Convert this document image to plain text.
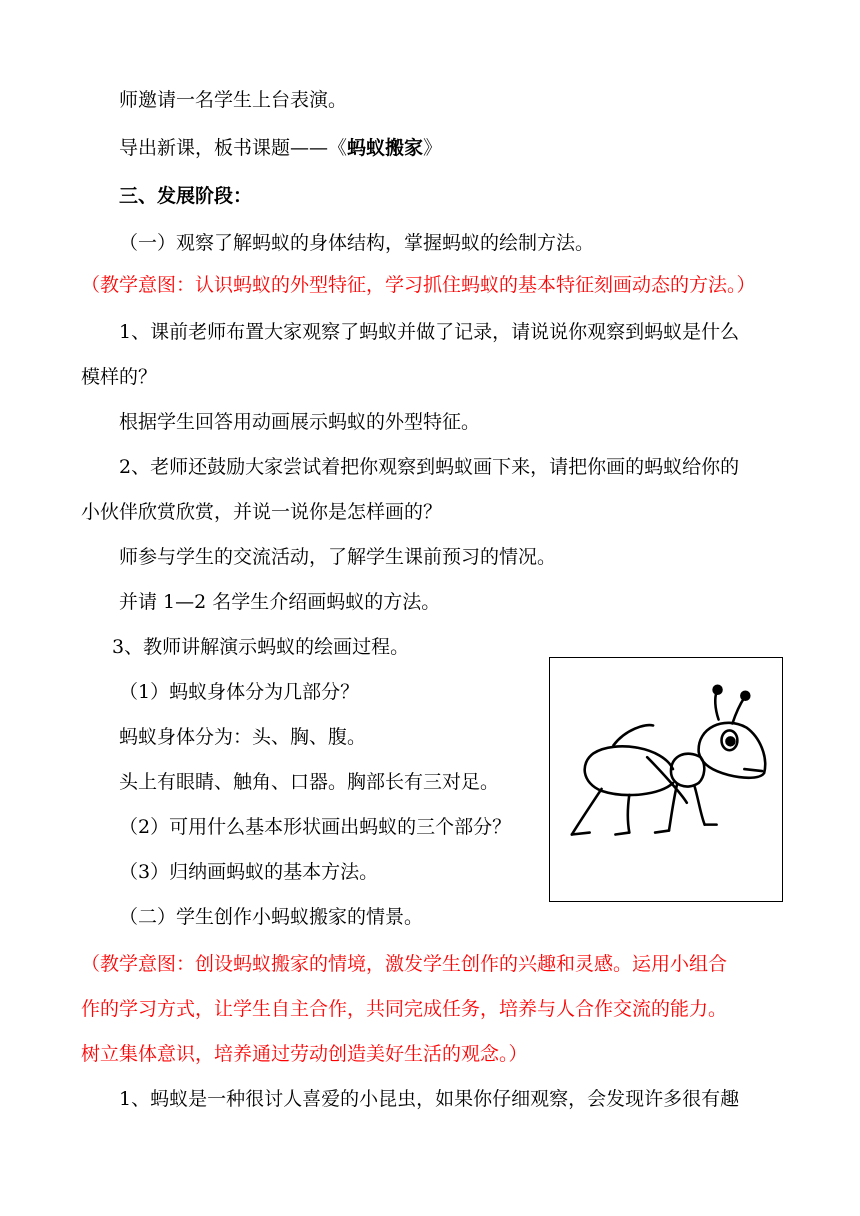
师邀请一名学生上台表演。

导出新课，板书课题——《蚂蚁搬家》

三、发展阶段：

（一）观察了解蚂蚁的身体结构，掌握蚂蚁的绘制方法。

（教学意图：认识蚂蚁的外型特征，学习抓住蚂蚁的基本特征刻画动态的方法。）

1、课前老师布置大家观察了蚂蚁并做了记录，请说说你观察到蚂蚁是什么

模样的？

根据学生回答用动画展示蚂蚁的外型特征。

2、老师还鼓励大家尝试着把你观察到蚂蚁画下来，请把你画的蚂蚁给你的

小伙伴欣赏欣赏，并说一说你是怎样画的？

师参与学生的交流活动，了解学生课前预习的情况。

并请 1—2 名学生介绍画蚂蚁的方法。

3、教师讲解演示蚂蚁的绘画过程。

（1）蚂蚁身体分为几部分？

蚂蚁身体分为：头、胸、腹。

头上有眼睛、触角、口器。胸部长有三对足。

（2）可用什么基本形状画出蚂蚁的三个部分？

（3）归纳画蚂蚁的基本方法。

（二）学生创作小蚂蚁搬家的情景。

（教学意图：创设蚂蚁搬家的情境，激发学生创作的兴趣和灵感。运用小组合

作的学习方式，让学生自主合作，共同完成任务，培养与人合作交流的能力。

树立集体意识，培养通过劳动创造美好生活的观念。）

1、蚂蚁是一种很讨人喜爱的小昆虫，如果你仔细观察，会发现许多很有趣
